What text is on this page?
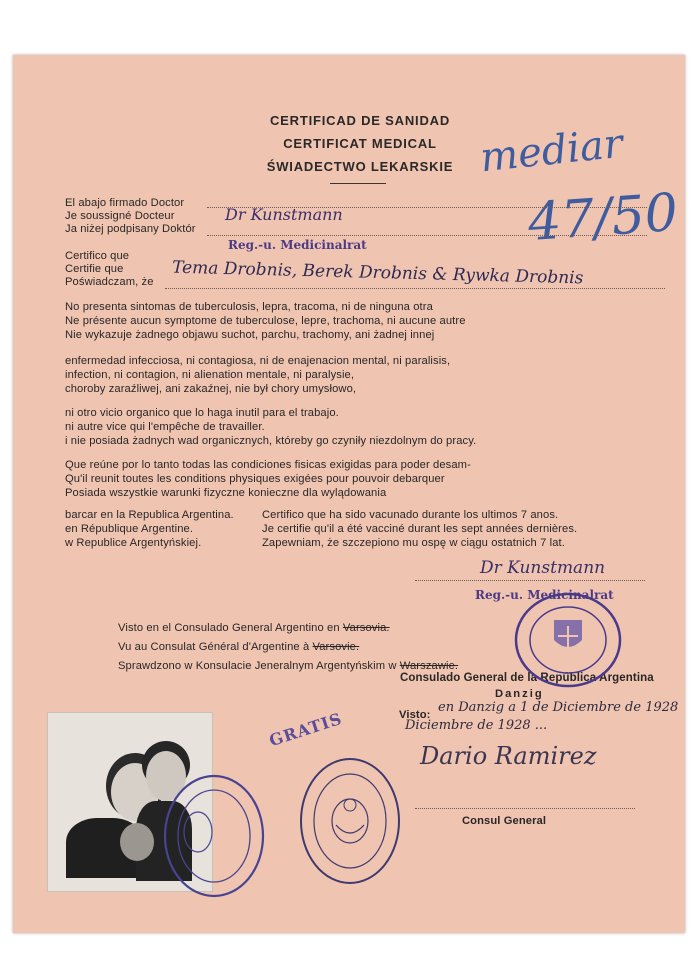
CERTIFICAD DE SANIDAD
CERTIFICAT MEDICAL
ŚWIADECTWO LEKARSKIE mediar
47/50
El abajo firmado Doctor
Je soussigné Docteur
Ja niżej podpisany Doktór
Dr Kunstmann
Reg.-u. Medicinalrat
Certifico que
Certifie que
Poświadczam, że Tema Drobnis, Berek Drobnis & Rywka Drobnis
No presenta sintomas de tuberculosis, lepra, tracoma, ni de ninguna otra
Ne présente aucun symptome de tuberculose, lepre, trachoma, ni aucune autre
Nie wykazuje żadnego objawu suchot, parchu, trachomy, ani żadnej innej
enfermedad infecciosa, ni contagiosa, ni de enajenacion mental, ni paralisis,
infection, ni contagion, ni alienation mentale, ni paralysie,
choroby zaraźliwej, ani zakaźnej, nie był chory umysłowo,
ni otro vicio organico que lo haga inutil para el trabajo.
ni autre vice qui l'empêche de travailler.
i nie posiada żadnych wad organicznych, któreby go czyniły niezdolnym do pracy.
Que reúne por lo tanto todas las condiciones fisicas exigidas para poder desam-
Qu'il reunit toutes les conditions physiques exigées pour pouvoir debarquer
Posiada wszystkie warunki fizyczne konieczne dla wylądowania
barcar en la Republica Argentina.
en République Argentine.
w Republice Argentyńskiej.
Certifico que ha sido vacunado durante los ultimos 7 anos.
Je certifie qu'il a été vacciné durant les sept années dernières.
Zapewniam, że szczepiono mu ospę w ciągu ostatnich 7 lat.
Dr Kunstmann
Reg.-u. Medicinalrat
Visto en el Consulado General Argentino en Varsovia.
Vu au Consulat Général d'Argentine à Varsovie.
Sprawdzono w Konsulacie Jeneralnym Argentyńskim w Warszawie.
Consulado General de la República Argentina
Danzig
Visto: en Danzig a 1 de Diciembre de 1928
Diciembre de 1928 ...
Dario Ramirez
Consul General
GRATIS
